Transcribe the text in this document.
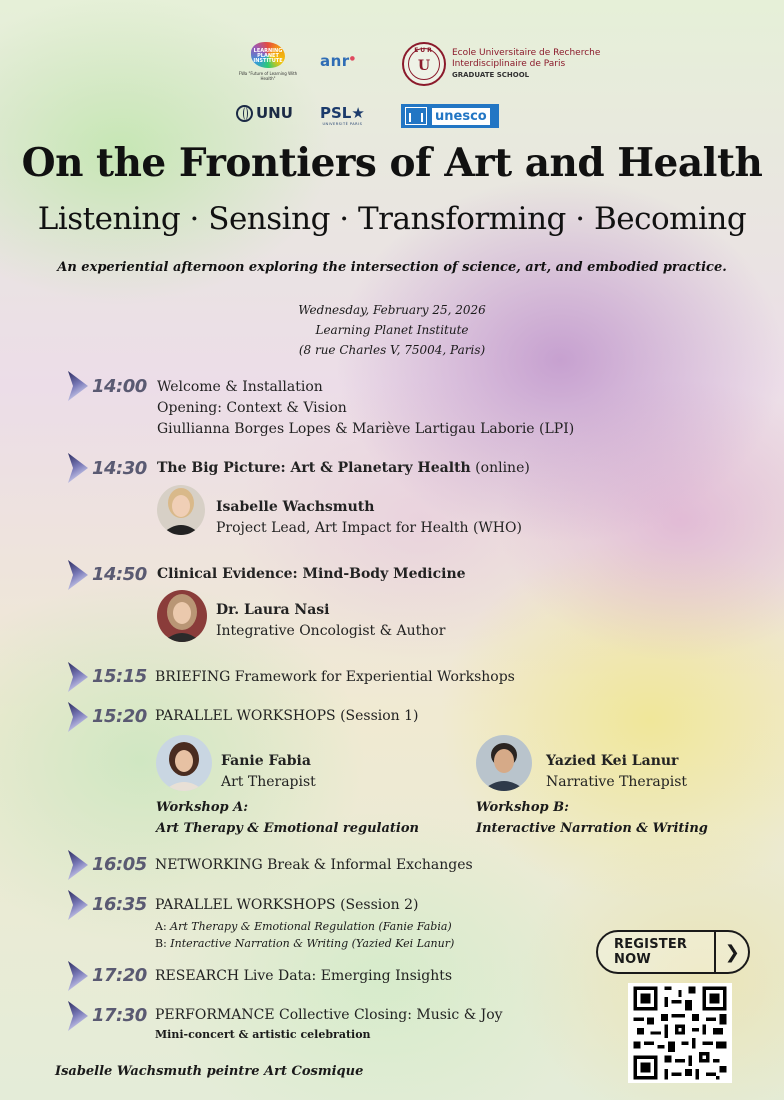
LEARNING PLANET INSTITUTE
FWa "Future of Learning With Health"
anr●
EUR
U
Ecole Universitaire de Recherche
Interdisciplinaire de Paris
GRADUATE SCHOOL
UNU PSL★
UNIVERSITÉ PARIS
unesco
On the Frontiers of Art and Health
Listening · Sensing · Transforming · Becoming
An experiential afternoon exploring the intersection of science, art, and embodied practice.
Wednesday, February 25, 2026
Learning Planet Institute
(8 rue Charles V, 75004, Paris)
14:00 Welcome & Installation
Opening: Context & Vision
Giullianna Borges Lopes & Mariève Lartigau Laborie (LPI)
14:30 The Big Picture: Art & Planetary Health (online)
Isabelle Wachsmuth
Project Lead, Art Impact for Health (WHO)
14:50 Clinical Evidence: Mind-Body Medicine
Dr. Laura Nasi
Integrative Oncologist & Author
15:15 BRIEFING Framework for Experiential Workshops
15:20 PARALLEL WORKSHOPS (Session 1)
Fanie Fabia
Art Therapist
Workshop A:
Art Therapy & Emotional regulation
Yazied Kei Lanur
Narrative Therapist
Workshop B:
Interactive Narration & Writing
16:05 NETWORKING Break & Informal Exchanges
16:35 PARALLEL WORKSHOPS (Session 2)
A: Art Therapy & Emotional Regulation (Fanie Fabia)
B: Interactive Narration & Writing (Yazied Kei Lanur)
17:20 RESEARCH Live Data: Emerging Insights
17:30 PERFORMANCE Collective Closing: Music & Joy
Mini-concert & artistic celebration
REGISTER NOW	❯
Isabelle Wachsmuth peintre Art Cosmique
